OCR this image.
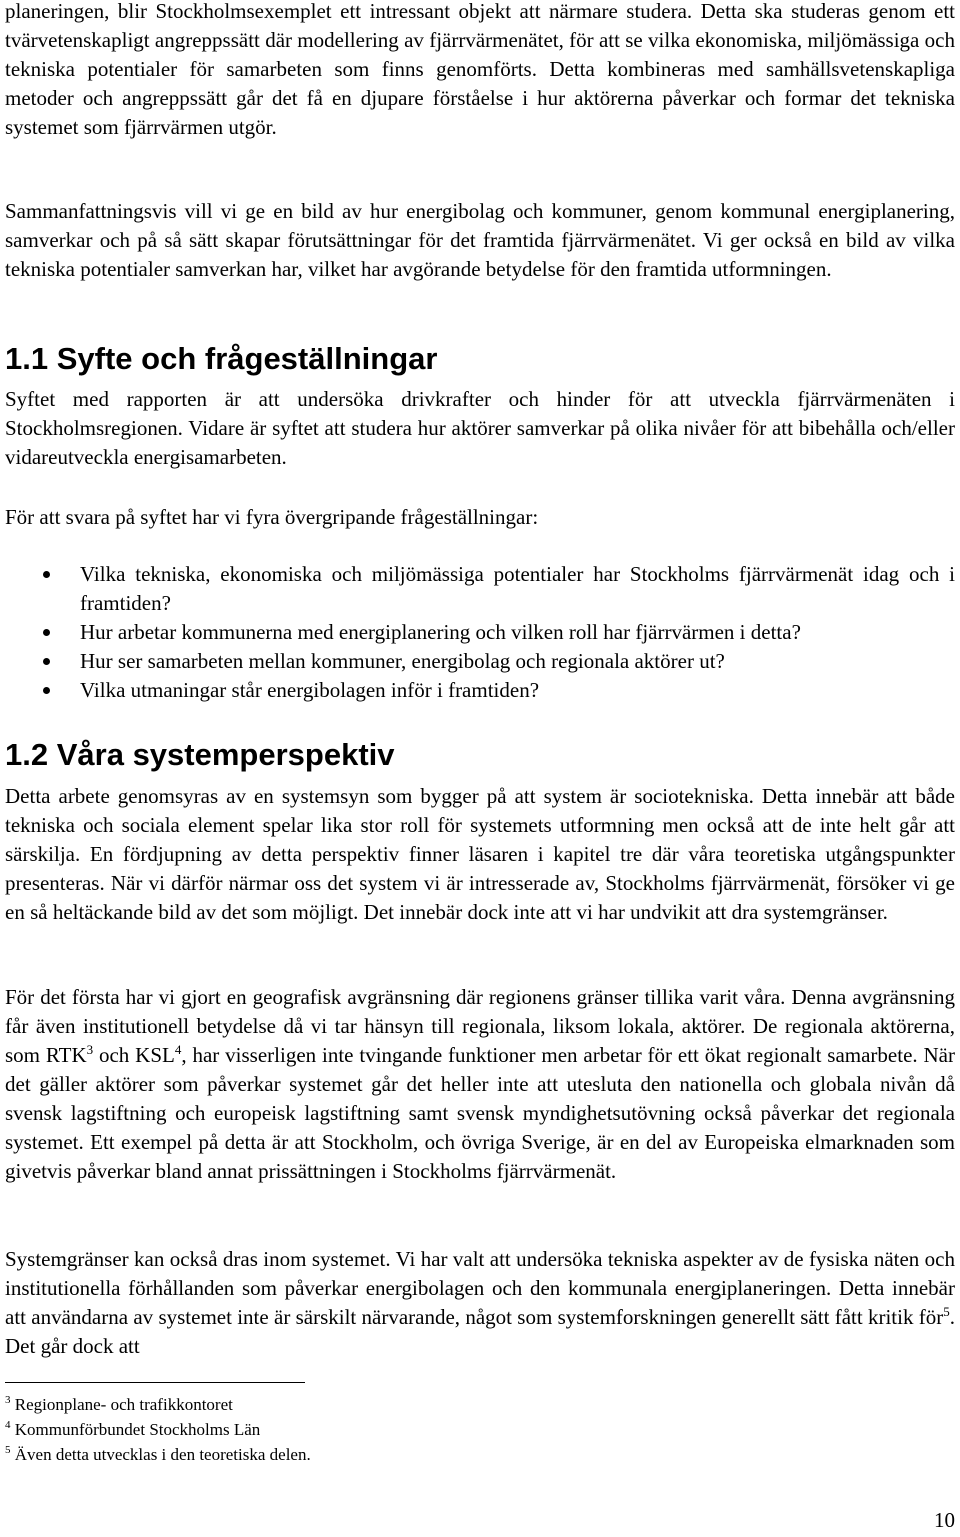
planeringen, blir Stockholmsexemplet ett intressant objekt att närmare studera. Detta ska studeras genom ett tvärvetenskapligt angreppssätt där modellering av fjärrvärmenätet, för att se vilka ekonomiska, miljömässiga och tekniska potentialer för samarbeten som finns genomförts. Detta kombineras med samhällsvetenskapliga metoder och angreppssätt går det få en djupare förståelse i hur aktörerna påverkar och formar det tekniska systemet som fjärrvärmen utgör.

Sammanfattningsvis vill vi ge en bild av hur energibolag och kommuner, genom kommunal energiplanering, samverkar och på så sätt skapar förutsättningar för det framtida fjärrvärmenätet. Vi ger också en bild av vilka tekniska potentialer samverkan har, vilket har avgörande betydelse för den framtida utformningen.

1.1 Syfte och frågeställningar

Syftet med rapporten är att undersöka drivkrafter och hinder för att utveckla fjärrvärmenäten i Stockholmsregionen. Vidare är syftet att studera hur aktörer samverkar på olika nivåer för att bibehålla och/eller vidareutveckla energisamarbeten.

För att svara på syftet har vi fyra övergripande frågeställningar:

Vilka tekniska, ekonomiska och miljömässiga potentialer har Stockholms fjärrvärmenät idag och i framtiden?
Hur arbetar kommunerna med energiplanering och vilken roll har fjärrvärmen i detta?
Hur ser samarbeten mellan kommuner, energibolag och regionala aktörer ut?
Vilka utmaningar står energibolagen inför i framtiden?
1.2 Våra systemperspektiv

Detta arbete genomsyras av en systemsyn som bygger på att system är sociotekniska. Detta innebär att både tekniska och sociala element spelar lika stor roll för systemets utformning men också att de inte helt går att särskilja. En fördjupning av detta perspektiv finner läsaren i kapitel tre där våra teoretiska utgångspunkter presenteras. När vi därför närmar oss det system vi är intresserade av, Stockholms fjärrvärmenät, försöker vi ge en så heltäckande bild av det som möjligt. Det innebär dock inte att vi har undvikit att dra systemgränser.

För det första har vi gjort en geografisk avgränsning där regionens gränser tillika varit våra. Denna avgränsning får även institutionell betydelse då vi tar hänsyn till regionala, liksom lokala, aktörer. De regionala aktörerna, som RTK$^3$ och KSL$^4$, har visserligen inte tvingande funktioner men arbetar för ett ökat regionalt samarbete. När det gäller aktörer som påverkar systemet går det heller inte att utesluta den nationella och globala nivån då svensk lagstiftning och europeisk lagstiftning samt svensk myndighetsutövning också påverkar det regionala systemet. Ett exempel på detta är att Stockholm, och övriga Sverige, är en del av Europeiska elmarknaden som givetvis påverkar bland annat prissättningen i Stockholms fjärrvärmenät.

Systemgränser kan också dras inom systemet. Vi har valt att undersöka tekniska aspekter av de fysiska näten och institutionella förhållanden som påverkar energibolagen och den kommunala energiplaneringen. Detta innebär att användarna av systemet inte är särskilt närvarande, något som systemforskningen generellt sätt fått kritik för$^5$. Det går dock att

$^3$ Regionplane- och trafikkontoret
$^4$ Kommunförbundet Stockholms Län
$^5$ Även detta utvecklas i den teoretiska delen.
10
